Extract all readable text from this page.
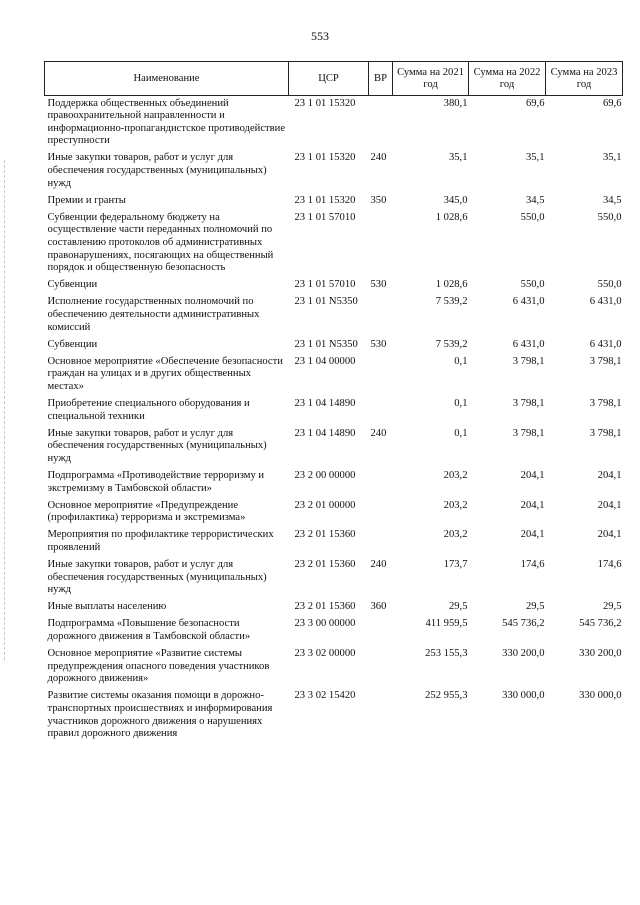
553
Наименование	ЦСР	ВР	Сумма на 2021 год	Сумма на 2022 год	Сумма на 2023 год
Поддержка общественных объединений правоохранительной направленности и информационно-пропагандистское противодействие преступности	23 1 01 15320		380,1	69,6	69,6
Иные закупки товаров, работ и услуг для обеспечения государственных (муниципальных) нужд	23 1 01 15320	240	35,1	35,1	35,1
Премии и гранты	23 1 01 15320	350	345,0	34,5	34,5
Субвенции федеральному бюджету на осуществление части переданных полномочий по составлению протоколов об административных правонарушениях, посягающих на общественный порядок и общественную безопасность	23 1 01 57010		1 028,6	550,0	550,0
Субвенции	23 1 01 57010	530	1 028,6	550,0	550,0
Исполнение государственных полномочий по обеспечению деятельности административных комиссий	23 1 01 N5350		7 539,2	6 431,0	6 431,0
Субвенции	23 1 01 N5350	530	7 539,2	6 431,0	6 431,0
Основное мероприятие «Обеспечение безопасности граждан на улицах и в других общественных местах»	23 1 04 00000		0,1	3 798,1	3 798,1
Приобретение специального оборудования и специальной техники	23 1 04 14890		0,1	3 798,1	3 798,1
Иные закупки товаров, работ и услуг для обеспечения государственных (муниципальных) нужд	23 1 04 14890	240	0,1	3 798,1	3 798,1
Подпрограмма «Противодействие терроризму и экстремизму в Тамбовской области»	23 2 00 00000		203,2	204,1	204,1
Основное мероприятие «Предупреждение (профилактика) терроризма и экстремизма»	23 2 01 00000		203,2	204,1	204,1
Мероприятия по профилактике террористических проявлений	23 2 01 15360		203,2	204,1	204,1
Иные закупки товаров, работ и услуг для обеспечения государственных (муниципальных) нужд	23 2 01 15360	240	173,7	174,6	174,6
Иные выплаты населению	23 2 01 15360	360	29,5	29,5	29,5
Подпрограмма «Повышение безопасности дорожного движения в Тамбовской области»	23 3 00 00000		411 959,5	545 736,2	545 736,2
Основное мероприятие «Развитие системы предупреждения опасного поведения участников дорожного движения»	23 3 02 00000		253 155,3	330 200,0	330 200,0
Развитие системы оказания помощи в дорожно-транспортных происшествиях и информирования участников дорожного движения о нарушениях правил дорожного движения	23 3 02 15420		252 955,3	330 000,0	330 000,0
